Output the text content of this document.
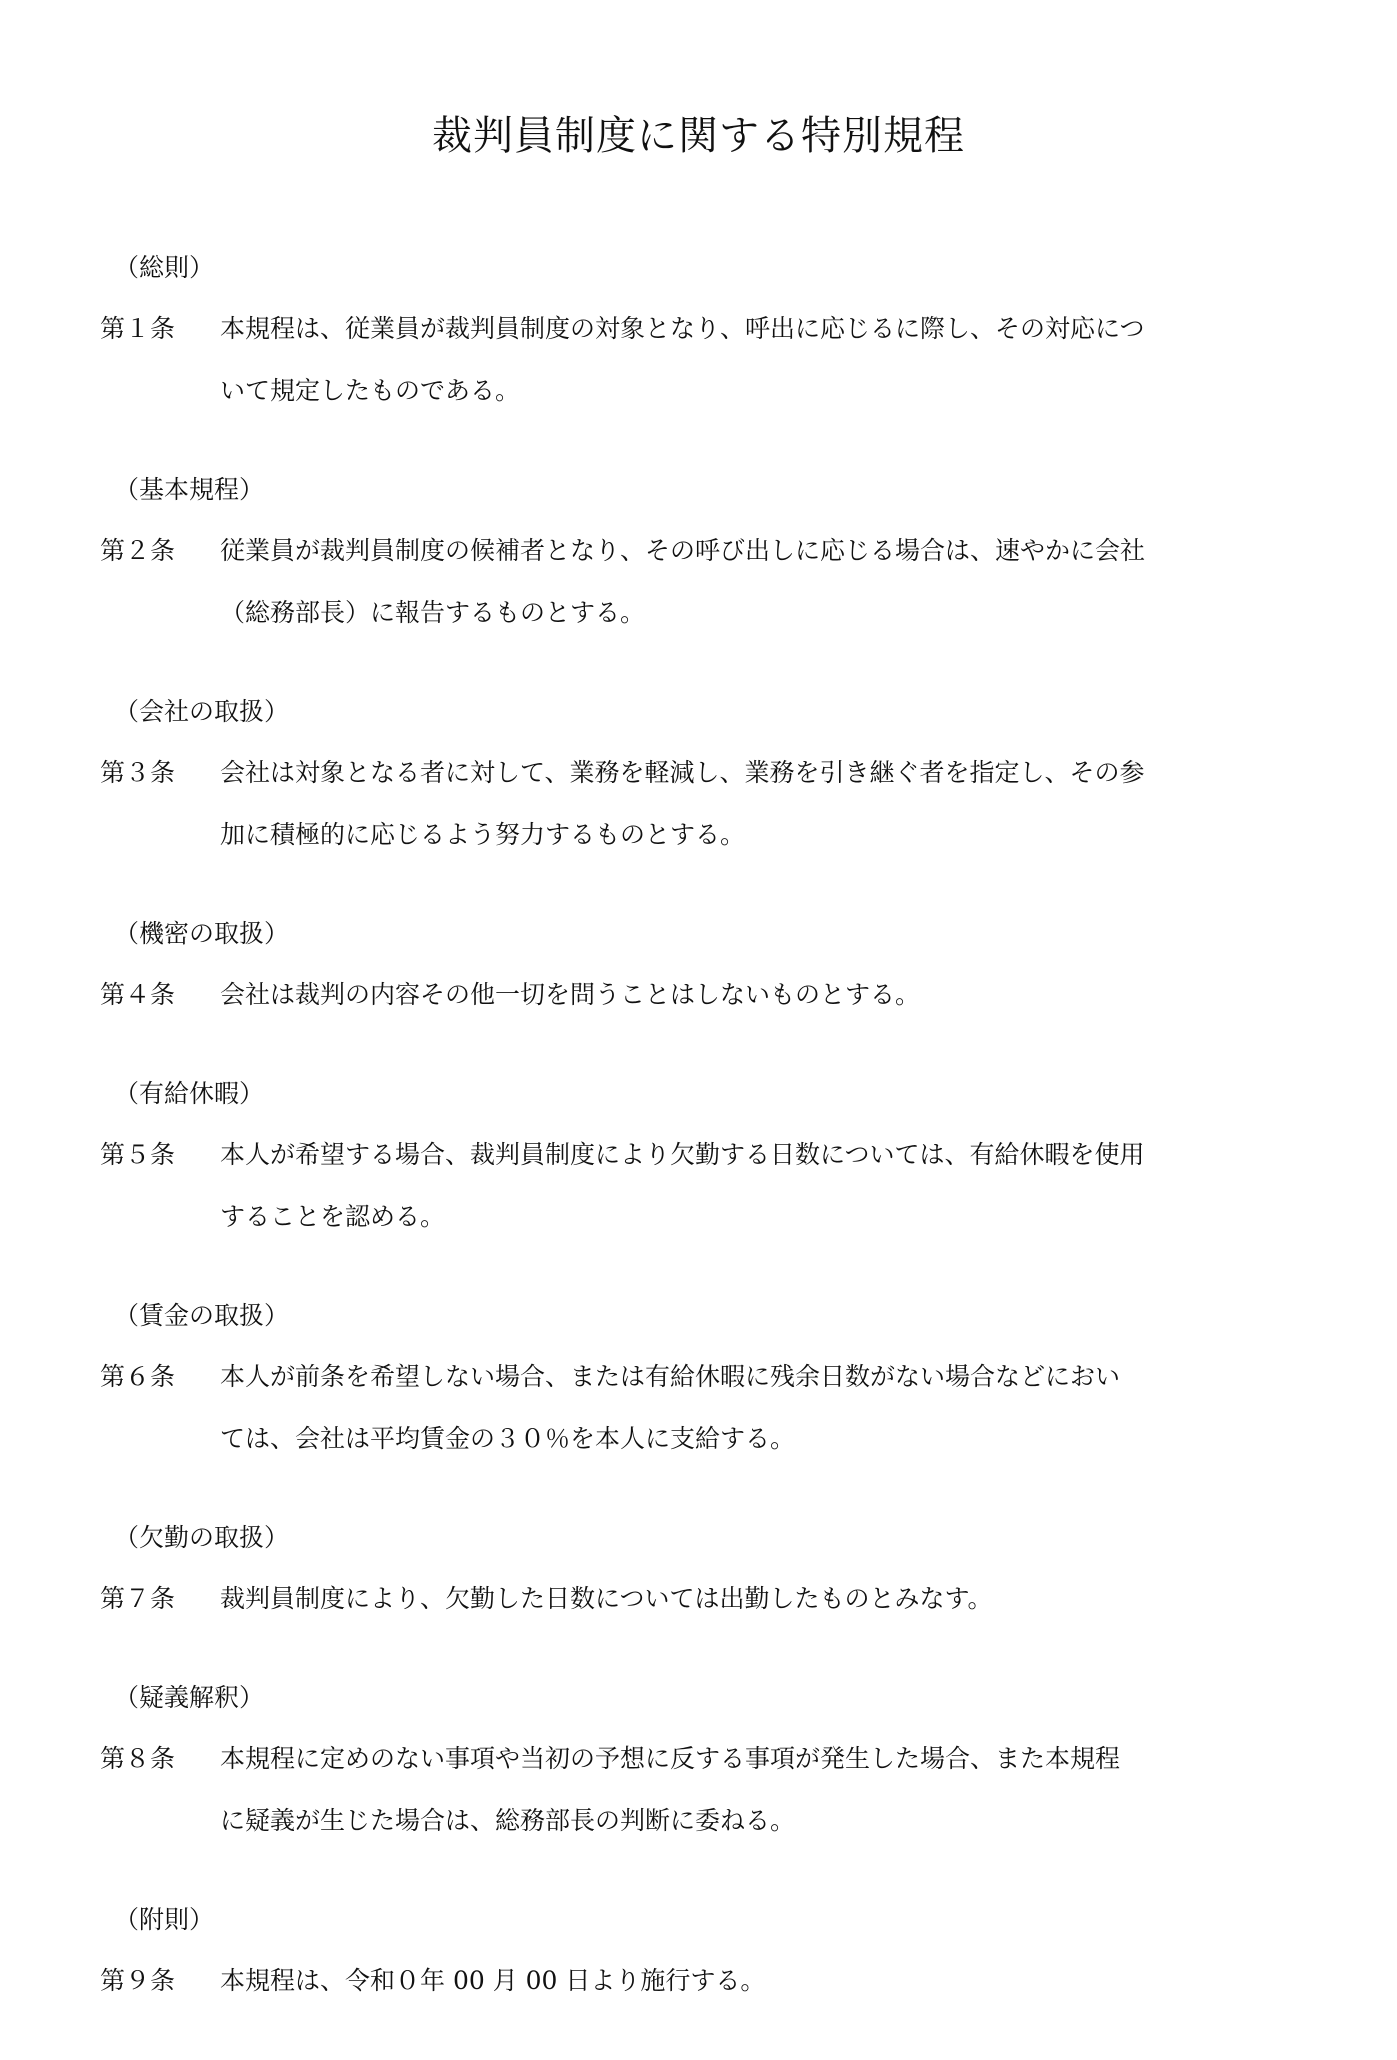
裁判員制度に関する特別規程
（総則）
第１条	本規程は、従業員が裁判員制度の対象となり、呼出に応じるに際し、その対応につ
いて規定したものである。
（基本規程）
第２条	従業員が裁判員制度の候補者となり、その呼び出しに応じる場合は、速やかに会社
（総務部長）に報告するものとする。
（会社の取扱）
第３条	会社は対象となる者に対して、業務を軽減し、業務を引き継ぐ者を指定し、その参
加に積極的に応じるよう努力するものとする。
（機密の取扱）
第４条	会社は裁判の内容その他一切を問うことはしないものとする。
（有給休暇）
第５条	本人が希望する場合、裁判員制度により欠勤する日数については、有給休暇を使用
することを認める。
（賃金の取扱）
第６条	本人が前条を希望しない場合、または有給休暇に残余日数がない場合などにおい
ては、会社は平均賃金の３０％を本人に支給する。
（欠勤の取扱）
第７条	裁判員制度により、欠勤した日数については出勤したものとみなす。
（疑義解釈）
第８条	本規程に定めのない事項や当初の予想に反する事項が発生した場合、また本規程
に疑義が生じた場合は、総務部長の判断に委ねる。
（附則）
第９条	本規程は、令和０年 00 月 00 日より施行する。
